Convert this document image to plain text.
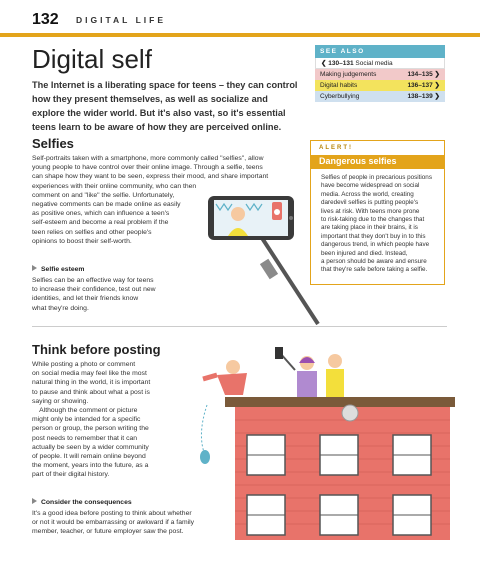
132 DIGITAL LIFE
Digital self
The Internet is a liberating space for teens – they can control how they present themselves, as well as socialize and explore the wider world. But it's also vast, so it's essential teens learn to be aware of how they are perceived online.
SEE ALSO
❮ 130–131 Social media
Making judgements	134–135 ❯
Digital habits	136–137 ❯
Cyberbullying	138–139 ❯
Selfies
Self-portraits taken with a smartphone, more commonly called "selfies", allow
young people to have control over their online image. Through a selfie, teens
can shape how they want to be seen, express their mood, and share important
experiences with their online community, who can then
comment on and "like" the selfie. Unfortunately,
negative comments can be made online as easily
as positive ones, which can influence a teen's
self-esteem and become a real problem if the
teen relies on selfies and other people's
opinions to boost their self-worth.
Selfie esteem
Selfies can be an effective way for teens
to increase their confidence, test out new
identities, and let their friends know
what they're doing.
ALERT!
Dangerous selfies
Selfies of people in precarious positions
have become widespread on social
media. Across the world, creating
daredevil selfies is putting people's
lives at risk. With teens more prone
to risk-taking due to the changes that
are taking place in their brains, it is
important that they don't buy in to this
dangerous trend, in which people have
been injured and died. Instead,
a person should be aware and ensure
that they're safe before taking a selfie.
Think before posting
While posting a photo or comment
on social media may feel like the most
natural thing in the world, it is important
to pause and think about what a post is
saying or showing.
Although the comment or picture
might only be intended for a specific
person or group, the person writing the
post needs to remember that it can
actually be seen by a wider community
of people. It will remain online beyond
the moment, years into the future, as a
part of their digital history.
Consider the consequences
It's a good idea before posting to think about whether
or not it would be embarrassing or awkward if a family
member, teacher, or future employer saw the post.
